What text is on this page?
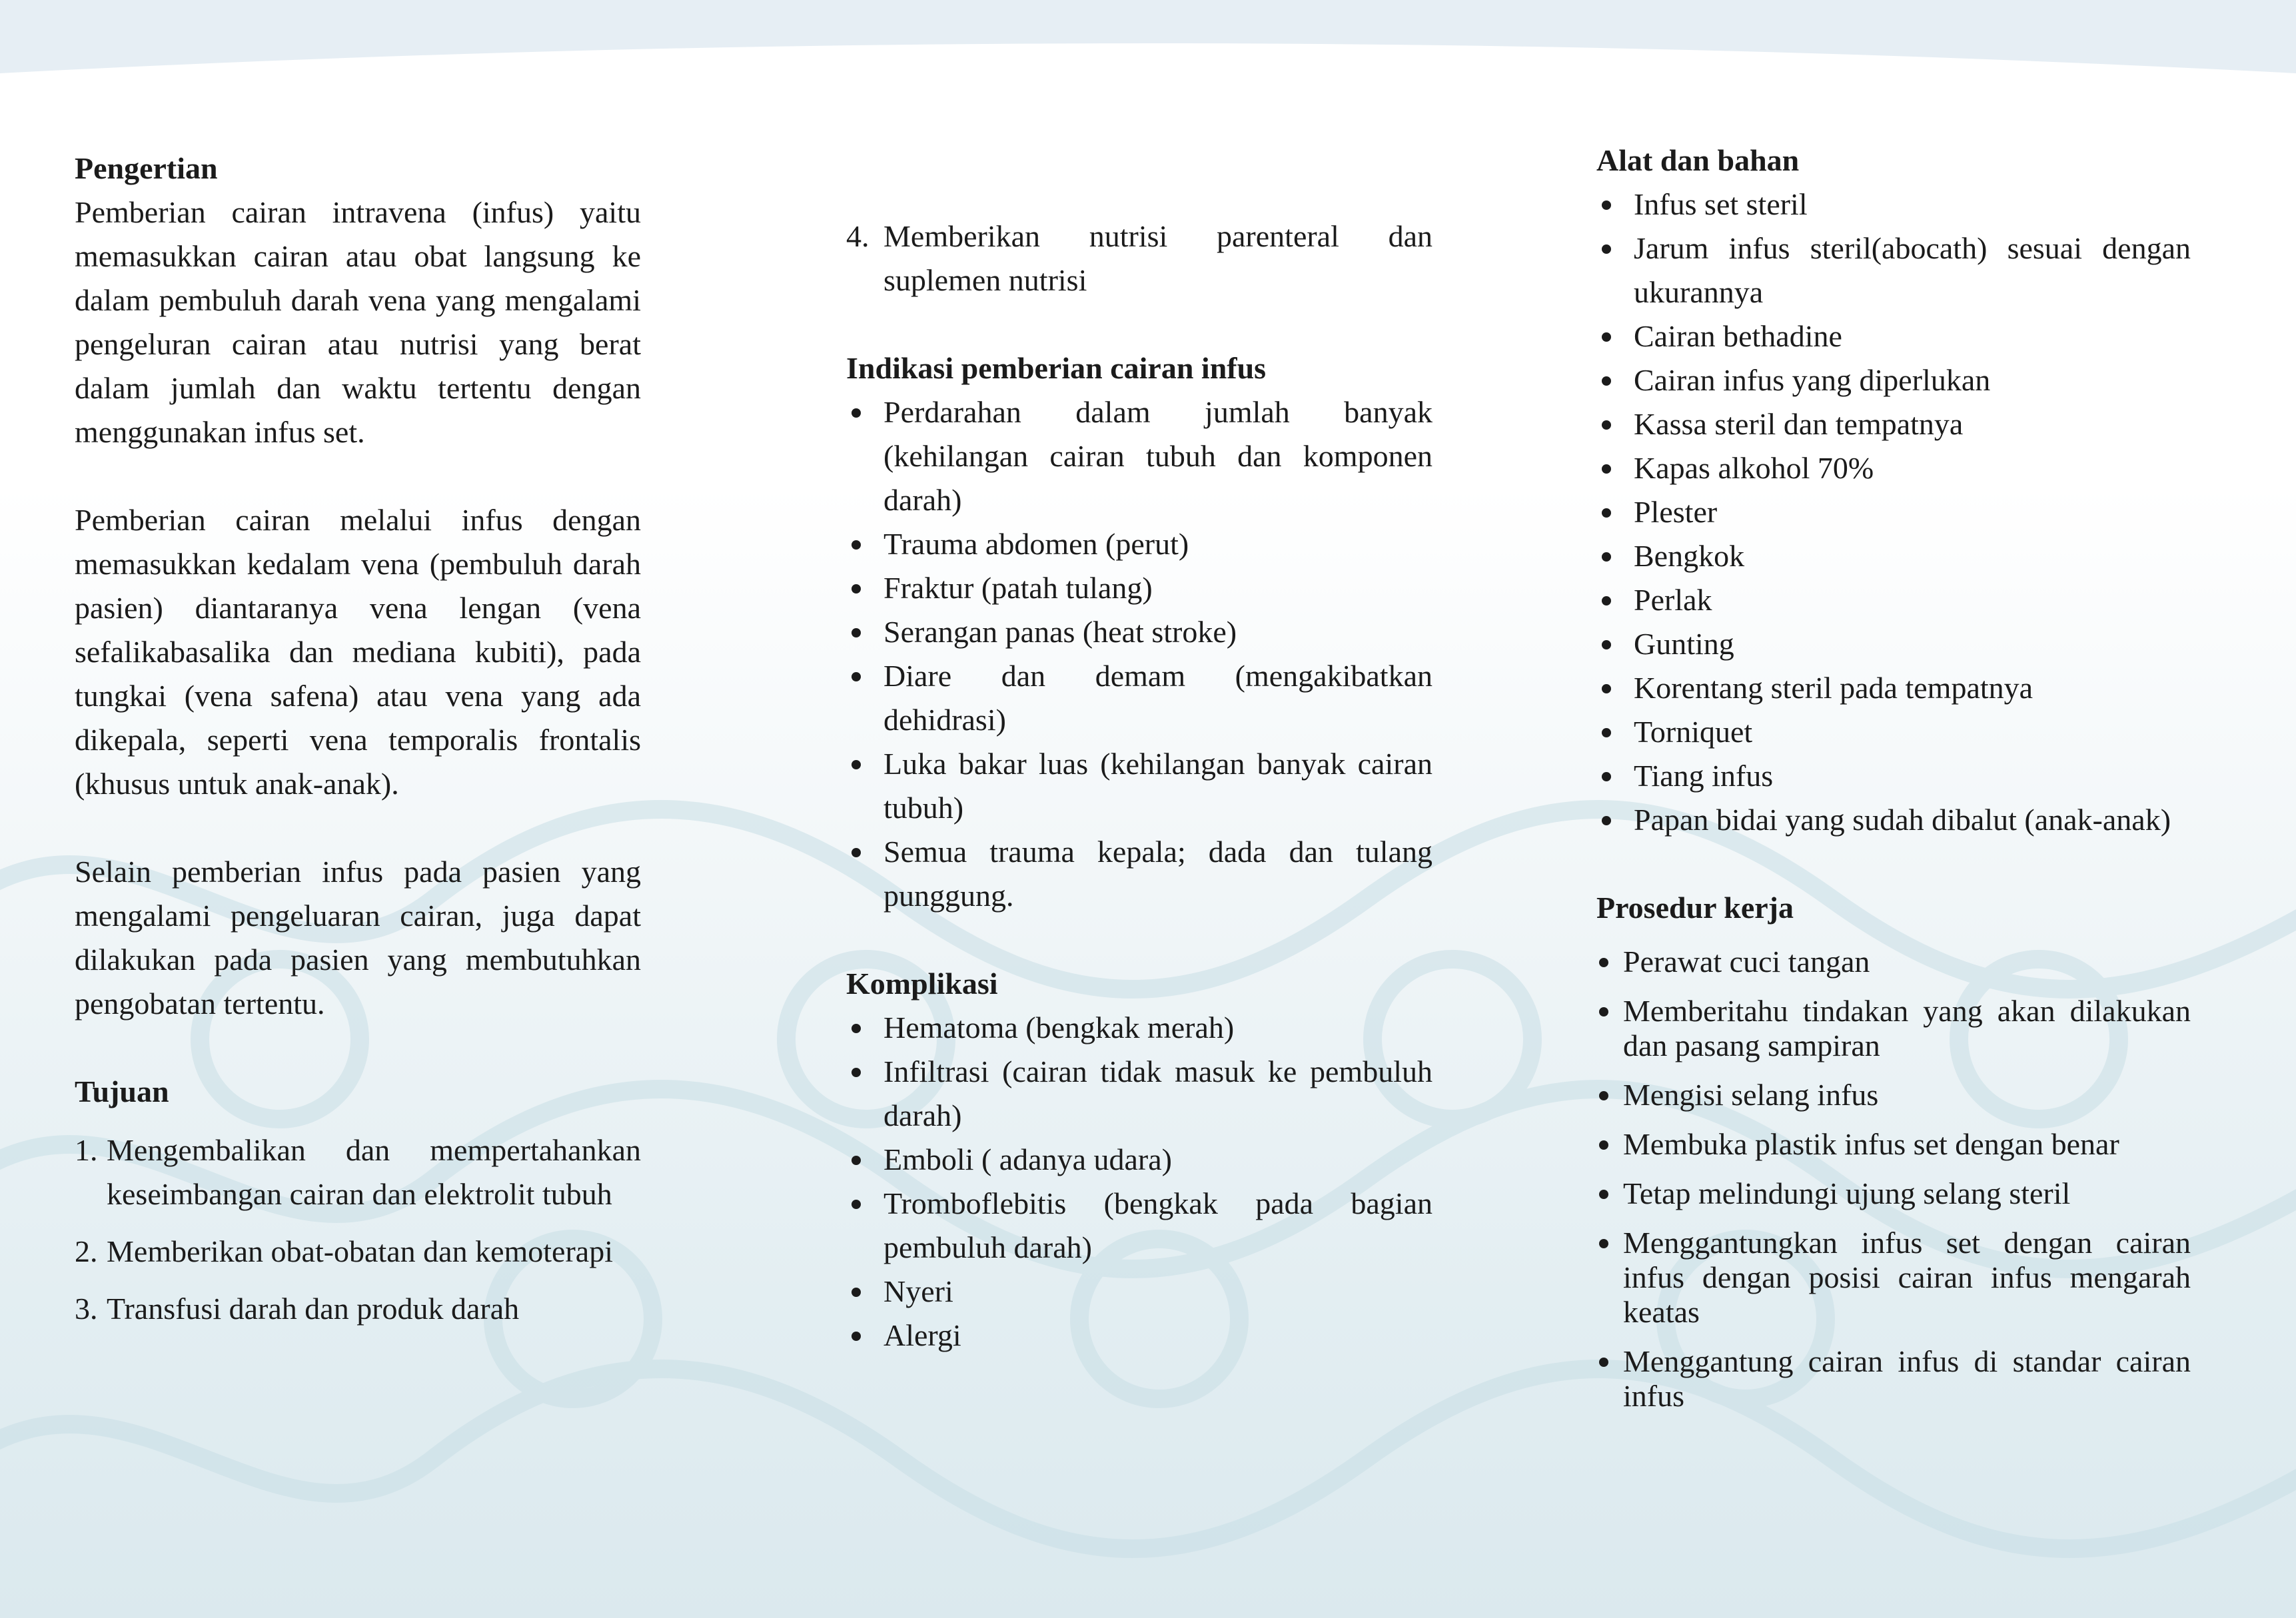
Pengertian

Pemberian cairan intravena (infus) yaitu memasukkan cairan atau obat langsung ke dalam pembuluh darah vena yang mengalami pengeluran cairan atau nutrisi yang berat dalam jumlah dan waktu tertentu dengan menggunakan infus set.

Pemberian cairan melalui infus dengan memasukkan kedalam vena (pembuluh darah pasien) diantaranya vena lengan (vena sefalikabasalika dan mediana kubiti), pada tungkai (vena safena) atau vena yang ada dikepala, seperti vena temporalis frontalis (khusus untuk anak-anak).

Selain pemberian infus pada pasien yang mengalami pengeluaran cairan, juga dapat dilakukan pada pasien yang membutuhkan pengobatan tertentu.

Tujuan

1. Mengembalikan dan mempertahankan keseimbangan cairan dan elektrolit tubuh
2. Memberikan obat-obatan dan kemoterapi
3. Transfusi darah dan produk darah
4. Memberikan nutrisi parenteral dan suplemen nutrisi

Indikasi pemberian cairan infus

Perdarahan dalam jumlah banyak (kehilangan cairan tubuh dan komponen darah)
Trauma abdomen (perut)
Fraktur (patah tulang)
Serangan panas (heat stroke)
Diare dan demam (mengakibatkan dehidrasi)
Luka bakar luas (kehilangan banyak cairan tubuh)
Semua trauma kepala; dada dan tulang punggung.

Komplikasi

Hematoma (bengkak merah)
Infiltrasi (cairan tidak masuk ke pembuluh darah)
Emboli ( adanya udara)
Tromboflebitis (bengkak pada bagian pembuluh darah)
Nyeri
Alergi

Alat dan bahan

Infus set steril
Jarum infus steril(abocath) sesuai dengan ukurannya
Cairan bethadine
Cairan infus yang diperlukan
Kassa steril dan tempatnya
Kapas alkohol 70%
Plester
Bengkok
Perlak
Gunting
Korentang steril pada tempatnya
Torniquet
Tiang infus
Papan bidai yang sudah dibalut (anak-anak)

Prosedur kerja

Perawat cuci tangan
Memberitahu tindakan yang akan dilakukan dan pasang sampiran
Mengisi selang infus
Membuka plastik infus set dengan benar
Tetap melindungi ujung selang steril
Menggantungkan infus set dengan cairan infus dengan posisi cairan infus mengarah keatas
Menggantung cairan infus di standar cairan infus
